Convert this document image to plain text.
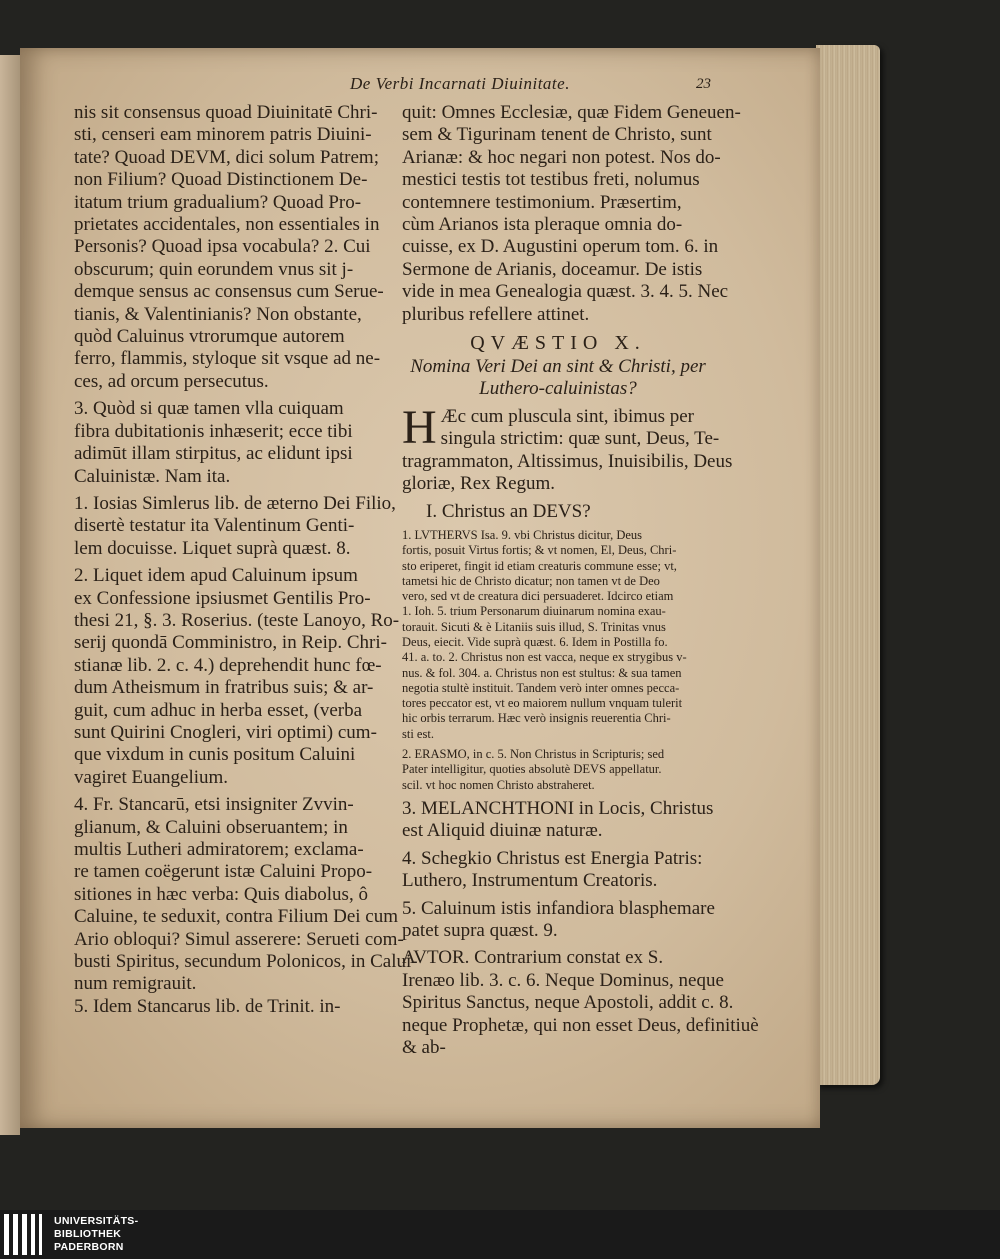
De Verbi Incarnati Diuinitate.	23
nis sit consensus quoad Diuinitatē Chri-
sti, censeri eam minorem patris Diuini-
tate? Quoad DEVM, dici solum Patrem;
non Filium? Quoad Distinctionem De-
itatum trium gradualium? Quoad Pro-
prietates accidentales, non essentiales in
Personis? Quoad ipsa vocabula? 2. Cui
obscurum; quin eorundem vnus sit j-
demque sensus ac consensus cum Serue-
tianis, & Valentinianis? Non obstante,
quòd Caluinus vtrorumque autorem
ferro, flammis, styloque sit vsque ad ne-
ces, ad orcum persecutus.
3. Quòd si quæ tamen vlla cuiquam
fibra dubitationis inhæserit; ecce tibi
adimūt illam stirpitus, ac elidunt ipsi
Caluinistæ. Nam ita.
1. Iosias Simlerus lib. de æterno Dei Filio,
disertè testatur ita Valentinum Genti-
lem docuisse. Liquet suprà quæst. 8.
2. Liquet idem apud Caluinum ipsum
ex Confessione ipsiusmet Gentilis Pro-
thesi 21, §. 3. Roserius. (teste Lanoyo, Ro-
serij quondā Comministro, in Reip. Chri-
stianæ lib. 2. c. 4.) deprehendit hunc fœ-
dum Atheismum in fratribus suis; & ar-
guit, cum adhuc in herba esset, (verba
sunt Quirini Cnogleri, viri optimi) cum-
que vixdum in cunis positum Caluini
vagiret Euangelium.
4. Fr. Stancarū, etsi insigniter Zvvin-
glianum, & Caluini obseruantem; in
multis Lutheri admiratorem; exclama-
re tamen coëgerunt istæ Caluini Propo-
sitiones in hæc verba: Quis diabolus, ô
Caluine, te seduxit, contra Filium Dei cum
Ario obloqui? Simul asserere: Serueti com-
busti Spiritus, secundum Polonicos, in Calui-
num remigrauit.
5. Idem Stancarus lib. de Trinit. in-
quit: Omnes Ecclesiæ, quæ Fidem Geneuen-
sem & Tigurinam tenent de Christo, sunt
Arianæ: & hoc negari non potest. Nos do-
mestici testis tot testibus freti, nolumus
contemnere testimonium. Præsertim,
cùm Arianos ista pleraque omnia do-
cuisse, ex D. Augustini operum tom. 6. in
Sermone de Arianis, doceamur. De istis
vide in mea Genealogia quæst. 3. 4. 5. Nec
pluribus refellere attinet.
QVÆSTIO X.
Nomina Veri Dei an sint & Christi, per
Luthero-caluinistas?
H Æc cum pluscula sint, ibimus per
singula strictim: quæ sunt, Deus, Te-
tragrammaton, Altissimus, Inuisibilis, Deus
gloriæ, Rex Regum.
I. Christus an DEVS?
1. LVTHERVS Isa. 9. vbi Christus dicitur, Deus
fortis, posuit Virtus fortis; & vt nomen, El, Deus, Chri-
sto eriperet, fingit id etiam creaturis commune esse; vt,
tametsi hic de Christo dicatur; non tamen vt de Deo
vero, sed vt de creatura dici persuaderet. Idcirco etiam
1. Ioh. 5. trium Personarum diuinarum nomina exau-
torauit. Sicuti & è Litaniis suis illud, S. Trinitas vnus
Deus, eiecit. Vide suprà quæst. 6. Idem in Postilla fo.
41. a. to. 2. Christus non est vacca, neque ex strygibus v-
nus. & fol. 304. a. Christus non est stultus: & sua tamen
negotia stultè instituit. Tandem verò inter omnes pecca-
tores peccator est, vt eo maiorem nullum vnquam tulerit
hic orbis terrarum. Hæc verò insignis reuerentia Chri-
sti est.
2. ERASMO, in c. 5. Non Christus in Scripturis; sed
Pater intelligitur, quoties absolutè DEVS appellatur.
scil. vt hoc nomen Christo abstraheret.
3. MELANCHTHONI in Locis, Christus
est Aliquid diuinæ naturæ.
4. Schegkio Christus est Energia Patris:
Luthero, Instrumentum Creatoris.
5. Caluinum istis infandiora blasphemare
patet supra quæst. 9.
AVTOR. Contrarium constat ex S.
Irenæo lib. 3. c. 6. Neque Dominus, neque
Spiritus Sanctus, neque Apostoli, addit c. 8.
neque Prophetæ, qui non esset Deus, definitiuè
& ab-
UNIVERSITÄTS-
BIBLIOTHEK
PADERBORN
